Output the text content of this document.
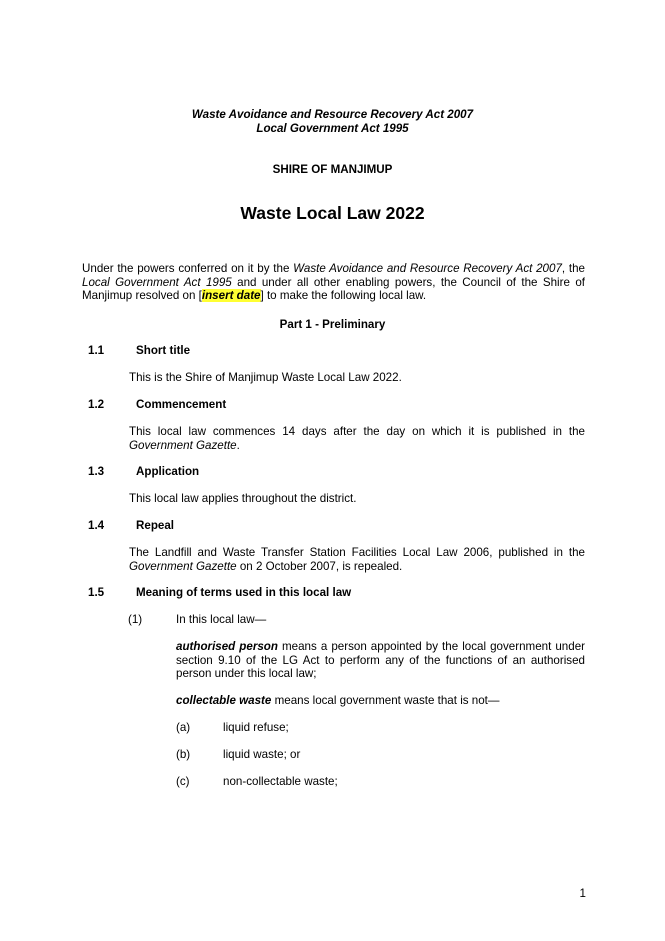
Waste Avoidance and Resource Recovery Act 2007
Local Government Act 1995
SHIRE OF MANJIMUP
Waste Local Law 2022
Under the powers conferred on it by the Waste Avoidance and Resource Recovery Act 2007, the Local Government Act 1995 and under all other enabling powers, the Council of the Shire of Manjimup resolved on [insert date] to make the following local law.
Part 1 - Preliminary
1.1	Short title
This is the Shire of Manjimup Waste Local Law 2022.
1.2	Commencement
This local law commences 14 days after the day on which it is published in the Government Gazette.
1.3	Application
This local law applies throughout the district.
1.4	Repeal
The Landfill and Waste Transfer Station Facilities Local Law 2006, published in the Government Gazette on 2 October 2007, is repealed.
1.5	Meaning of terms used in this local law
(1)	In this local law—
authorised person means a person appointed by the local government under section 9.10 of the LG Act to perform any of the functions of an authorised person under this local law;
collectable waste means local government waste that is not—
(a)	liquid refuse;
(b)	liquid waste; or
(c)	non-collectable waste;
1
